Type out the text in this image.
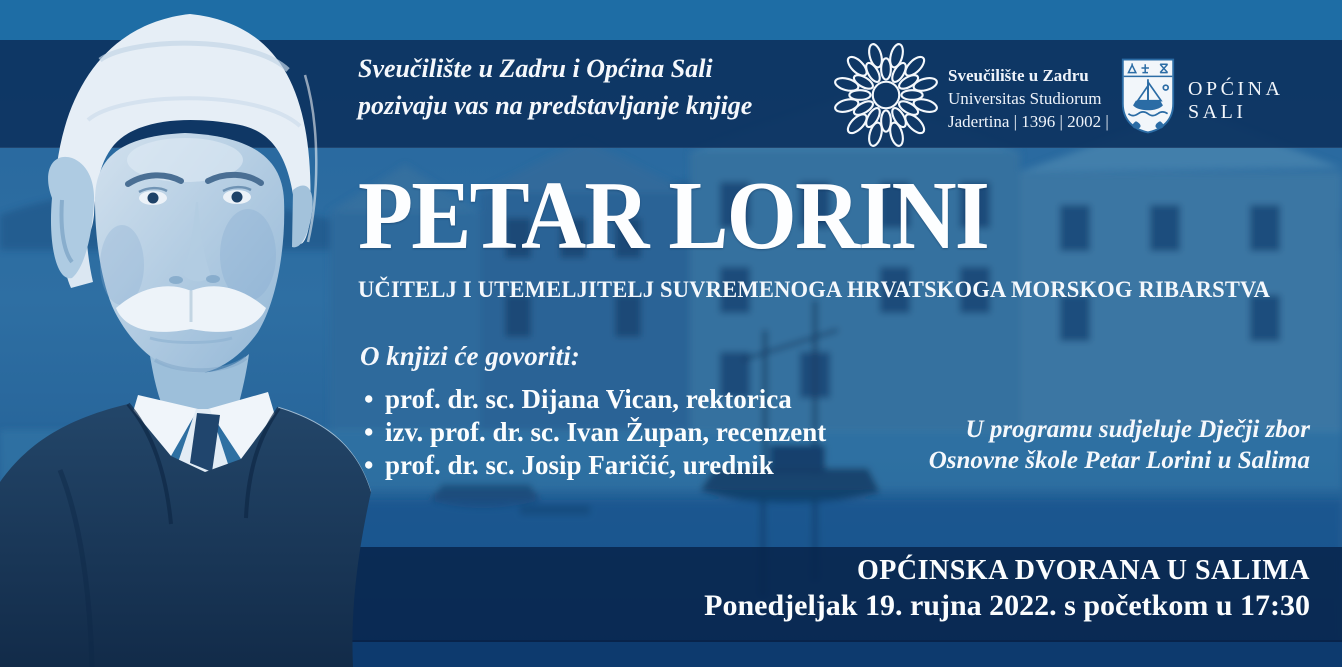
Sveučilište u Zadru i Općina Sali
pozivaju vas na predstavljanje knjige
Sveučilište u Zadru
Universitas Studiorum
Jadertina | 1396 | 2002 |
OPĆINA SALI
PETAR LORINI
UČITELJ I UTEMELJITELJ SUVREMENOGA HRVATSKOGA MORSKOG RIBARSTVA
O knjizi će govoriti:
• prof. dr. sc. Dijana Vican, rektorica
• izv. prof. dr. sc. Ivan Župan, recenzent
• prof. dr. sc. Josip Faričić, urednik
U programu sudjeluje Dječji zbor
Osnovne škole Petar Lorini u Salima
OPĆINSKA DVORANA U SALIMA
Ponedjeljak 19. rujna 2022. s početkom u 17:30
